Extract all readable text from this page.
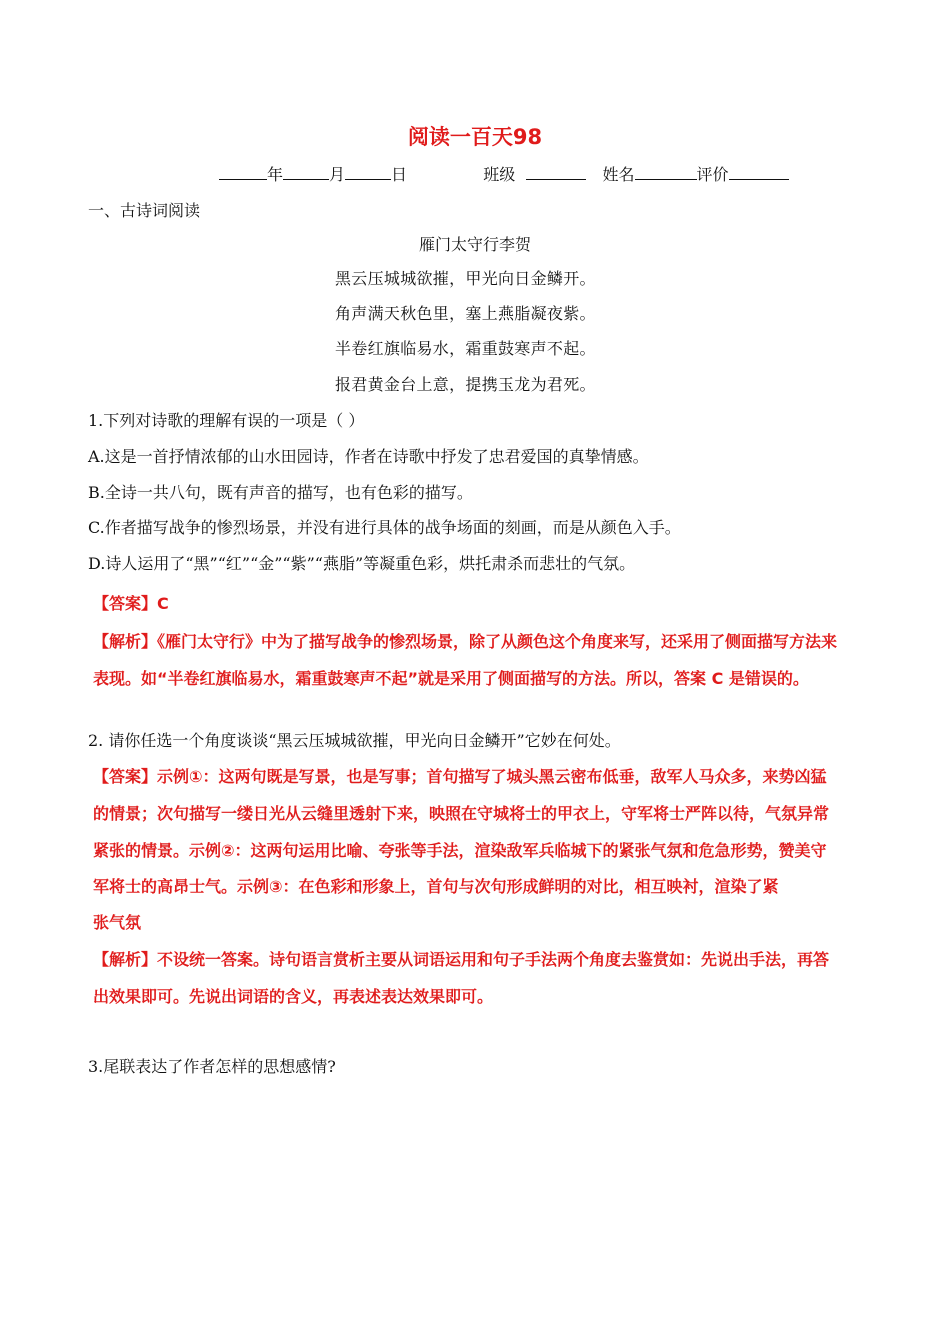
阅读一百天98
年	月	日	班级	姓名	评价
一、古诗词阅读
雁门太守行李贺
黑云压城城欲摧，甲光向日金鳞开。
角声满天秋色里，塞上燕脂凝夜紫。
半卷红旗临易水，霜重鼓寒声不起。
报君黄金台上意，提携玉龙为君死。
1.下列对诗歌的理解有误的一项是（ ）
A.这是一首抒情浓郁的山水田园诗，作者在诗歌中抒发了忠君爱国的真挚情感。
B.全诗一共八句，既有声音的描写，也有色彩的描写。
C.作者描写战争的惨烈场景，并没有进行具体的战争场面的刻画，而是从颜色入手。
D.诗人运用了“黑”“红”“金”“紫”“燕脂”等凝重色彩，烘托肃杀而悲壮的气氛。
【答案】C
【解析】《雁门太守行》中为了描写战争的惨烈场景，除了从颜色这个角度来写，还采用了侧面描写方法来
表现。如“半卷红旗临易水，霜重鼓寒声不起”就是采用了侧面描写的方法。所以，答案 C 是错误的。
2. 请你任选一个角度谈谈“黑云压城城欲摧，甲光向日金鳞开”它妙在何处。
【答案】示例①：这两句既是写景，也是写事；首句描写了城头黑云密布低垂，敌军人马众多，来势凶猛
的情景；次句描写一缕日光从云缝里透射下来，映照在守城将士的甲衣上，守军将士严阵以待，气氛异常
紧张的情景。示例②：这两句运用比喻、夸张等手法，渲染敌军兵临城下的紧张气氛和危急形势，赞美守
军将士的高昂士气。示例③：在色彩和形象上，首句与次句形成鲜明的对比，相互映衬，渲染了紧
张气氛
【解析】不设统一答案。诗句语言赏析主要从词语运用和句子手法两个角度去鉴赏如：先说出手法，再答
出效果即可。先说出词语的含义，再表述表达效果即可。
3.尾联表达了作者怎样的思想感情?
